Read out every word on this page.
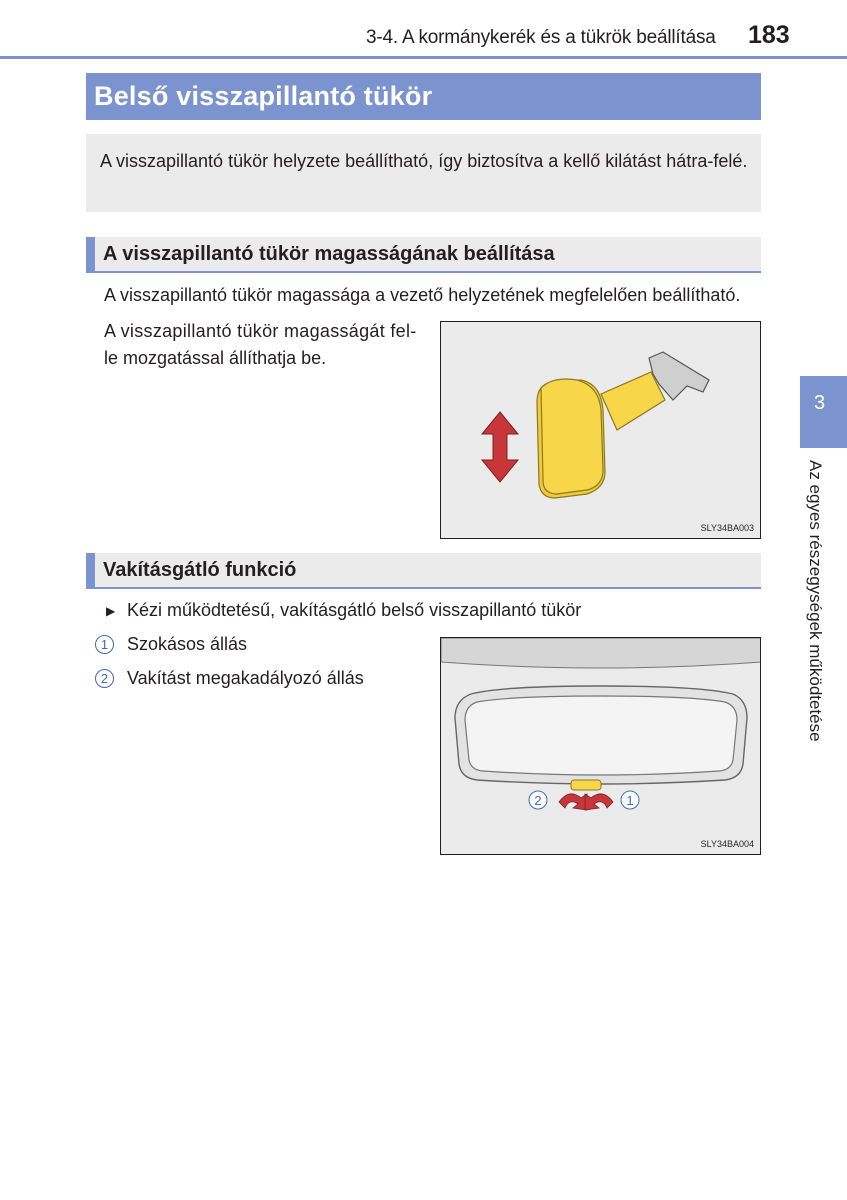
3-4. A kormánykerék és a tükrök beállítása 183
Belső visszapillantó tükör
A visszapillantó tükör helyzete beállítható, így biztosítva a kellő kilátást hátra-felé.
A visszapillantó tükör magasságának beállítása
A visszapillantó tükör magassága a vezető helyzetének megfelelően beállítható.
A visszapillantó tükör magasságát fel-
le mozgatással állíthatja be.
SLY34BA003
Vakításgátló funkció
▶ Kézi működtetésű, vakításgátló belső visszapillantó tükör
1	Szokásos állás
2	Vakítást megakadályozó állás
2	1
SLY34BA004
3
Az egyes részegységek működtetése
